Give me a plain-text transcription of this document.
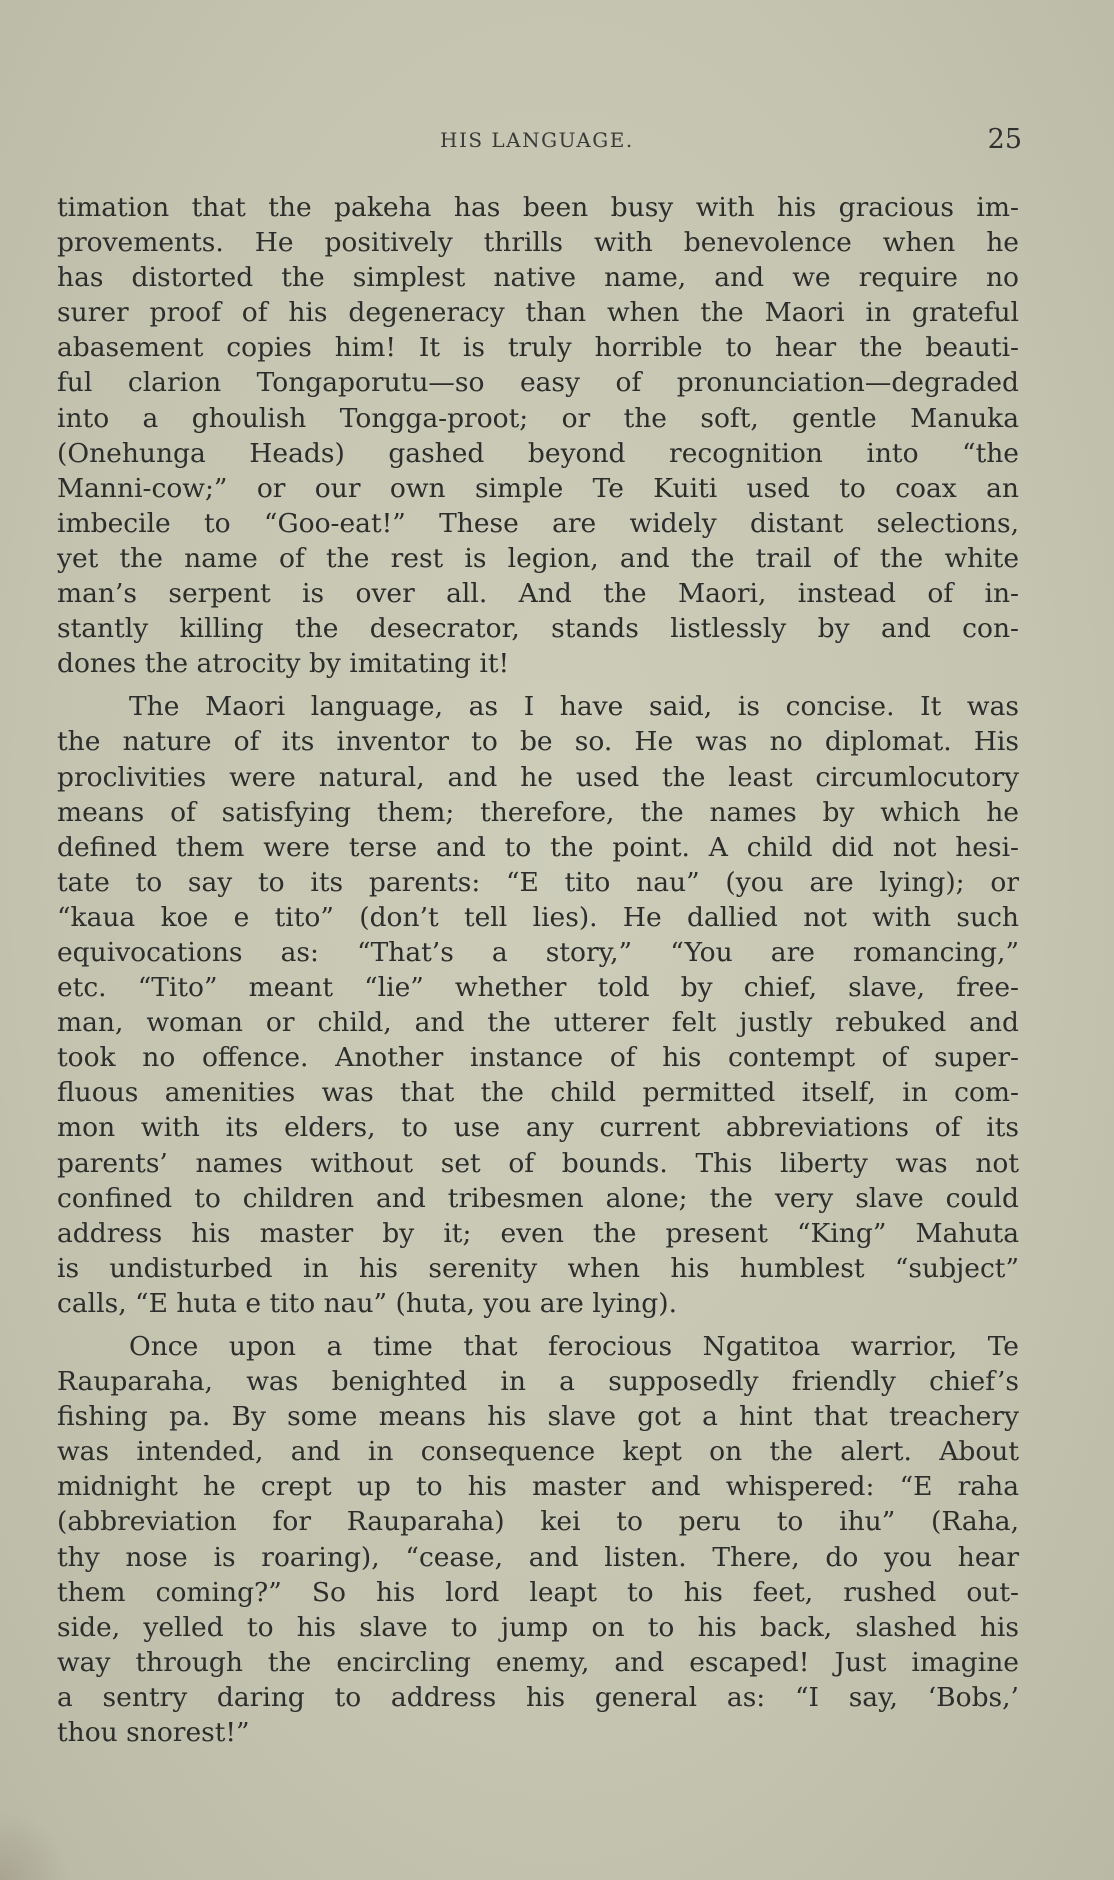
HIS LANGUAGE.	25
timation that the pakeha has been busy with his gracious im-
provements. He positively thrills with benevolence when he
has distorted the simplest native name, and we require no
surer proof of his degeneracy than when the Maori in grateful
abasement copies him! It is truly horrible to hear the beauti-
ful clarion Tongaporutu—so easy of pronunciation—degraded
into a ghoulish Tongga-proot; or the soft, gentle Manuka
(Onehunga Heads) gashed beyond recognition into “the
Manni-cow;” or our own simple Te Kuiti used to coax an
imbecile to “Goo-eat!” These are widely distant selections,
yet the name of the rest is legion, and the trail of the white
man’s serpent is over all. And the Maori, instead of in-
stantly killing the desecrator, stands listlessly by and con-
dones the atrocity by imitating it!
The Maori language, as I have said, is concise. It was
the nature of its inventor to be so. He was no diplomat. His
proclivities were natural, and he used the least circumlocutory
means of satisfying them; therefore, the names by which he
defined them were terse and to the point. A child did not hesi-
tate to say to its parents: “E tito nau” (you are lying); or
“kaua koe e tito” (don’t tell lies). He dallied not with such
equivocations as: “That’s a story,” “You are romancing,”
etc. “Tito” meant “lie” whether told by chief, slave, free-
man, woman or child, and the utterer felt justly rebuked and
took no offence. Another instance of his contempt of super-
fluous amenities was that the child permitted itself, in com-
mon with its elders, to use any current abbreviations of its
parents’ names without set of bounds. This liberty was not
confined to children and tribesmen alone; the very slave could
address his master by it; even the present “King” Mahuta
is undisturbed in his serenity when his humblest “subject”
calls, “E huta e tito nau” (huta, you are lying).
Once upon a time that ferocious Ngatitoa warrior, Te
Rauparaha, was benighted in a supposedly friendly chief’s
fishing pa. By some means his slave got a hint that treachery
was intended, and in consequence kept on the alert. About
midnight he crept up to his master and whispered: “E raha
(abbreviation for Rauparaha) kei to peru to ihu” (Raha,
thy nose is roaring), “cease, and listen. There, do you hear
them coming?” So his lord leapt to his feet, rushed out-
side, yelled to his slave to jump on to his back, slashed his
way through the encircling enemy, and escaped! Just imagine
a sentry daring to address his general as: “I say, ‘Bobs,’
thou snorest!”
